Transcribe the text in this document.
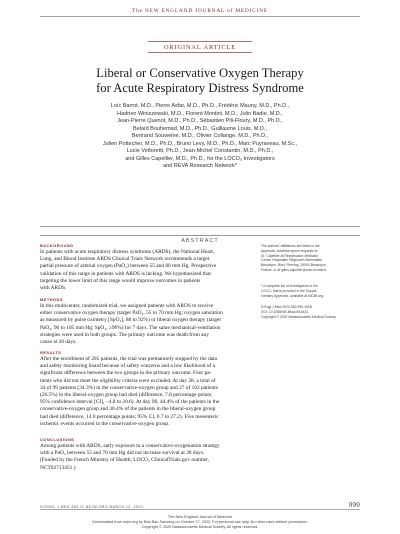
The NEW ENGLAND JOURNAL of MEDICINE
ORIGINAL ARTICLE
Liberal or Conservative Oxygen Therapy
for Acute Respiratory Distress Syndrome
Loïc Barrot, M.D., Pierre Asfar, M.D., Ph.D., Frédéric Mauny, M.D., Ph.D.,
Hadrien Winiszewski, M.D., Florent Montini, M.D., Julio Badie, M.D.,
Jean-Pierre Quenot, M.D., Ph.D., Sébastien Pili-Floury, M.D., Ph.D.,
Belaïd Bouhemad, M.D., Ph.D., Guillaume Louis, M.D.,
Bertrand Souweine, M.D., Olivier Collange, M.D., Ph.D.,
Julien Pottecher, M.D., Ph.D., Bruno Levy, M.D., Ph.D., Marc Puyraveau, M.Sc.,
Lucie Vettoretti, Ph.D., Jean-Michel Constantin, M.D., Ph.D.,
and Gilles Capellier, M.D., Ph.D., for the LOCO₂ Investigators
and REVA Research Network*
ABSTRACT
BACKGROUND
In patients with acute respiratory distress syndrome (ARDS), the National Heart,
Lung, and Blood Institute ARDS Clinical Trials Network recommends a target
partial pressure of arterial oxygen (PaO₂) between 55 and 80 mm Hg. Prospective
validation of this range in patients with ARDS is lacking. We hypothesized that
targeting the lower limit of this range would improve outcomes in patients
with ARDS.
METHODS
In this multicenter, randomized trial, we assigned patients with ARDS to receive
either conservative oxygen therapy (target PaO₂, 55 to 70 mm Hg; oxygen saturation
as measured by pulse oximetry [SpO₂], 88 to 92%) or liberal oxygen therapy (target
PaO₂, 90 to 105 mm Hg; SpO₂, ≥96%) for 7 days. The same mechanical-ventilation
strategies were used in both groups. The primary outcome was death from any
cause at 28 days.
RESULTS
After the enrollment of 205 patients, the trial was prematurely stopped by the data
and safety monitoring board because of safety concerns and a low likelihood of a
significant difference between the two groups in the primary outcome. Four pa-
tients who did not meet the eligibility criteria were excluded. At day 28, a total of
34 of 99 patients (34.3%) in the conservative-oxygen group and 27 of 102 patients
(26.5%) in the liberal-oxygen group had died (difference, 7.8 percentage points;
95% confidence interval [CI], −4.8 to 20.6). At day 90, 44.4% of the patients in the
conservative-oxygen group and 30.4% of the patients in the liberal-oxygen group
had died (difference, 14.0 percentage points; 95% CI, 0.7 to 27.2). Five mesenteric
ischemic events occurred in the conservative-oxygen group.
CONCLUSIONS
Among patients with ARDS, early exposure to a conservative-oxygenation strategy
with a PaO₂ between 55 and 70 mm Hg did not increase survival at 28 days.
(Funded by the French Ministry of Health; LOCO₂ ClinicalTrials.gov number,
NCT02713451.)
The authors' affiliations are listed in the
Appendix. Address reprint requests to
Dr. Capellier at Réanimation Médicale,
Centre Hospitalier Régional Universitaire
Besançon, Blvd. Fleming, 25000 Besançon,
France, or at gilles.capellier@univ-fcomte.fr.
* A complete list of investigators in the
LOCO₂ trial is provided in the Supple-
mentary Appendix, available at NEJM.org.
N Engl J Med 2020;382:999-1008.
DOI: 10.1056/NEJMoa1916431
Copyright © 2020 Massachusetts Medical Society.
N ENGL J MED 382;11 NEJM.ORG MARCH 12, 2020	999
The New England Journal of Medicine
Downloaded from nejm.org by Bob Bao Sarwong on October 27, 2022. For personal use only. No other uses without permission.
Copyright © 2020 Massachusetts Medical Society. All rights reserved.
